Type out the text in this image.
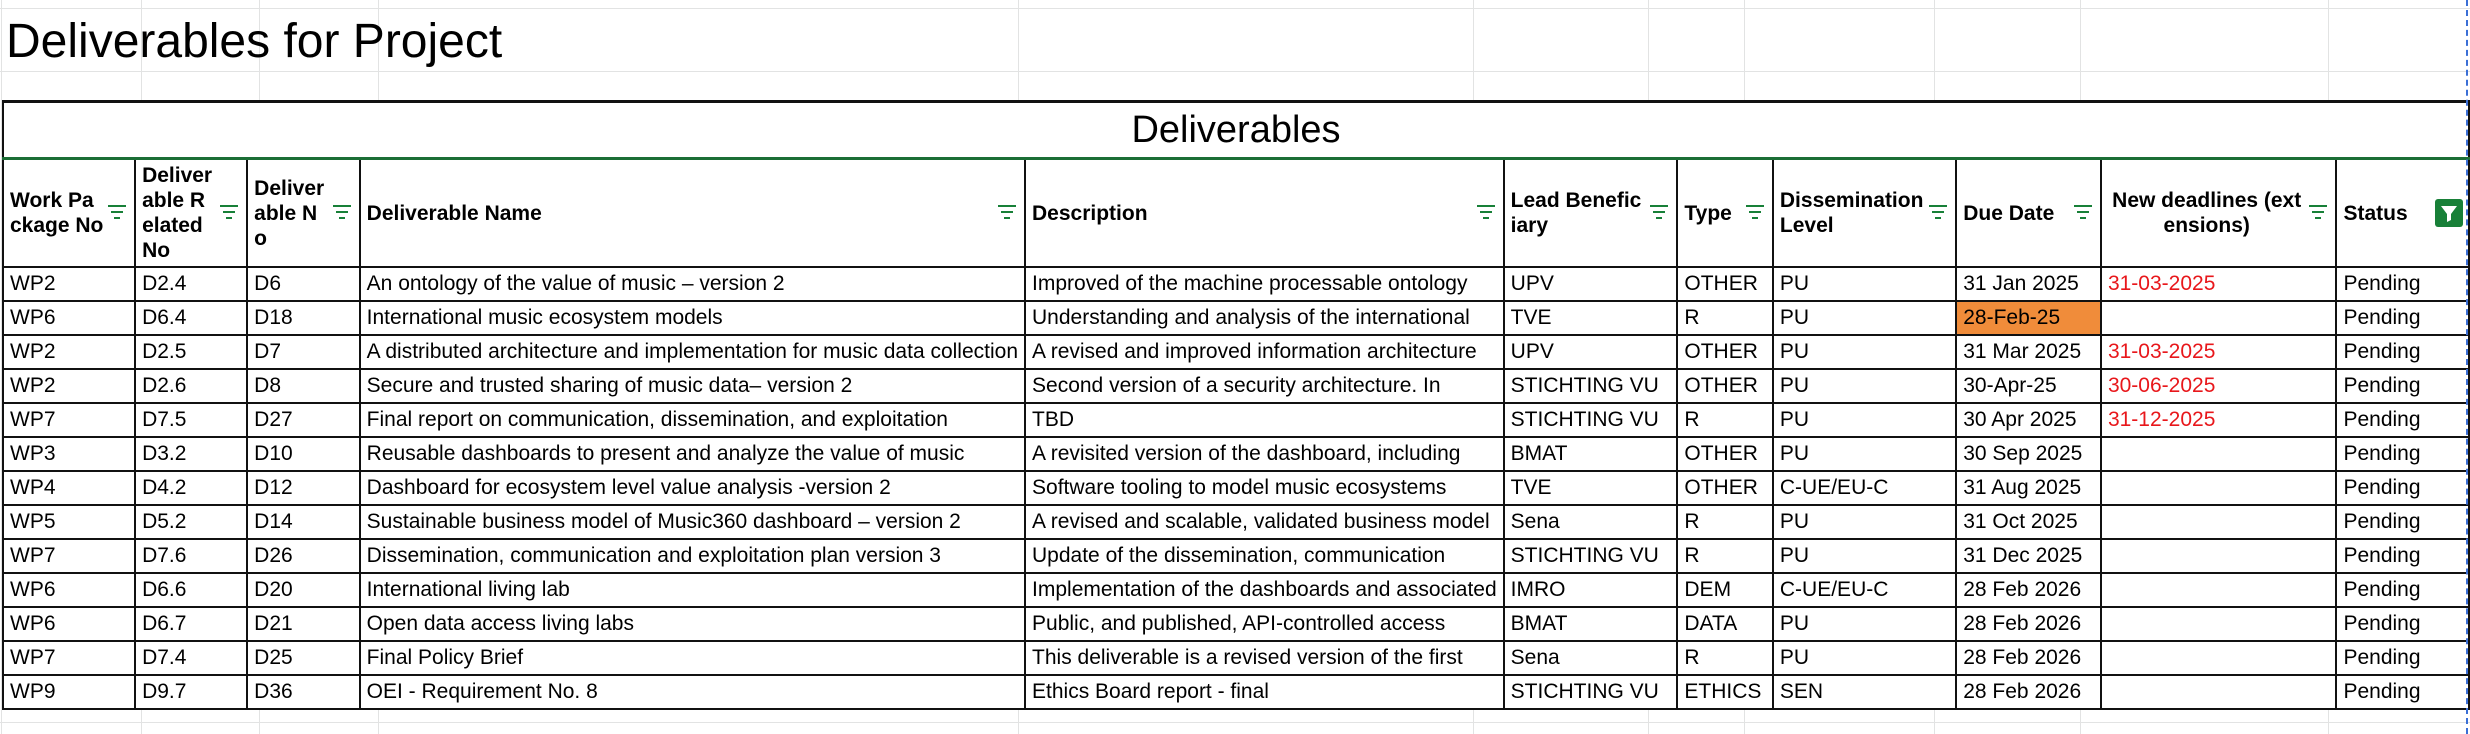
Deliverables for Project
Deliverables										
Work Package No	Deliverable Related No	Deliverable No	Deliverable Name	Description	Lead Beneficiary	Type	Dissemination Level	Due Date	New deadlines (extensions)	Status

WP2	D2.4	D6	An ontology of the value of music – version 2	Improved of the machine processable ontology	UPV	OTHER	PU	31 Jan 2025	31-03-2025	Pending
WP6	D6.4	D18	International music ecosystem models	Understanding and analysis of the international	TVE	R	PU	28-Feb-25		Pending
WP2	D2.5	D7	A distributed architecture and implementation for music data collection	A revised and improved information architecture	UPV	OTHER	PU	31 Mar 2025	31-03-2025	Pending
WP2	D2.6	D8	Secure and trusted sharing of music data– version 2	Second version of a security architecture. In	STICHTING VU	OTHER	PU	30-Apr-25	30-06-2025	Pending
WP7	D7.5	D27	Final report on communication, dissemination, and exploitation	TBD	STICHTING VU	R	PU	30 Apr 2025	31-12-2025	Pending
WP3	D3.2	D10	Reusable dashboards to present and analyze the value of music	A revisited version of the dashboard, including	BMAT	OTHER	PU	30 Sep 2025		Pending
WP4	D4.2	D12	Dashboard for ecosystem level value analysis -version 2	Software tooling to model music ecosystems	TVE	OTHER	C-UE/EU-C	31 Aug 2025		Pending
WP5	D5.2	D14	Sustainable business model of Music360 dashboard – version 2	A revised and scalable, validated business model	Sena	R	PU	31 Oct 2025		Pending
WP7	D7.6	D26	Dissemination, communication and exploitation plan version 3	Update of the dissemination, communication	STICHTING VU	R	PU	31 Dec 2025		Pending
WP6	D6.6	D20	International living lab	Implementation of the dashboards and associated	IMRO	DEM	C-UE/EU-C	28 Feb 2026		Pending
WP6	D6.7	D21	Open data access living labs	Public, and published, API-controlled access	BMAT	DATA	PU	28 Feb 2026		Pending
WP7	D7.4	D25	Final Policy Brief	This deliverable is a revised version of the first	Sena	R	PU	28 Feb 2026		Pending
WP9	D9.7	D36	OEI - Requirement No. 8	Ethics Board report - final	STICHTING VU	ETHICS	SEN	28 Feb 2026		Pending
